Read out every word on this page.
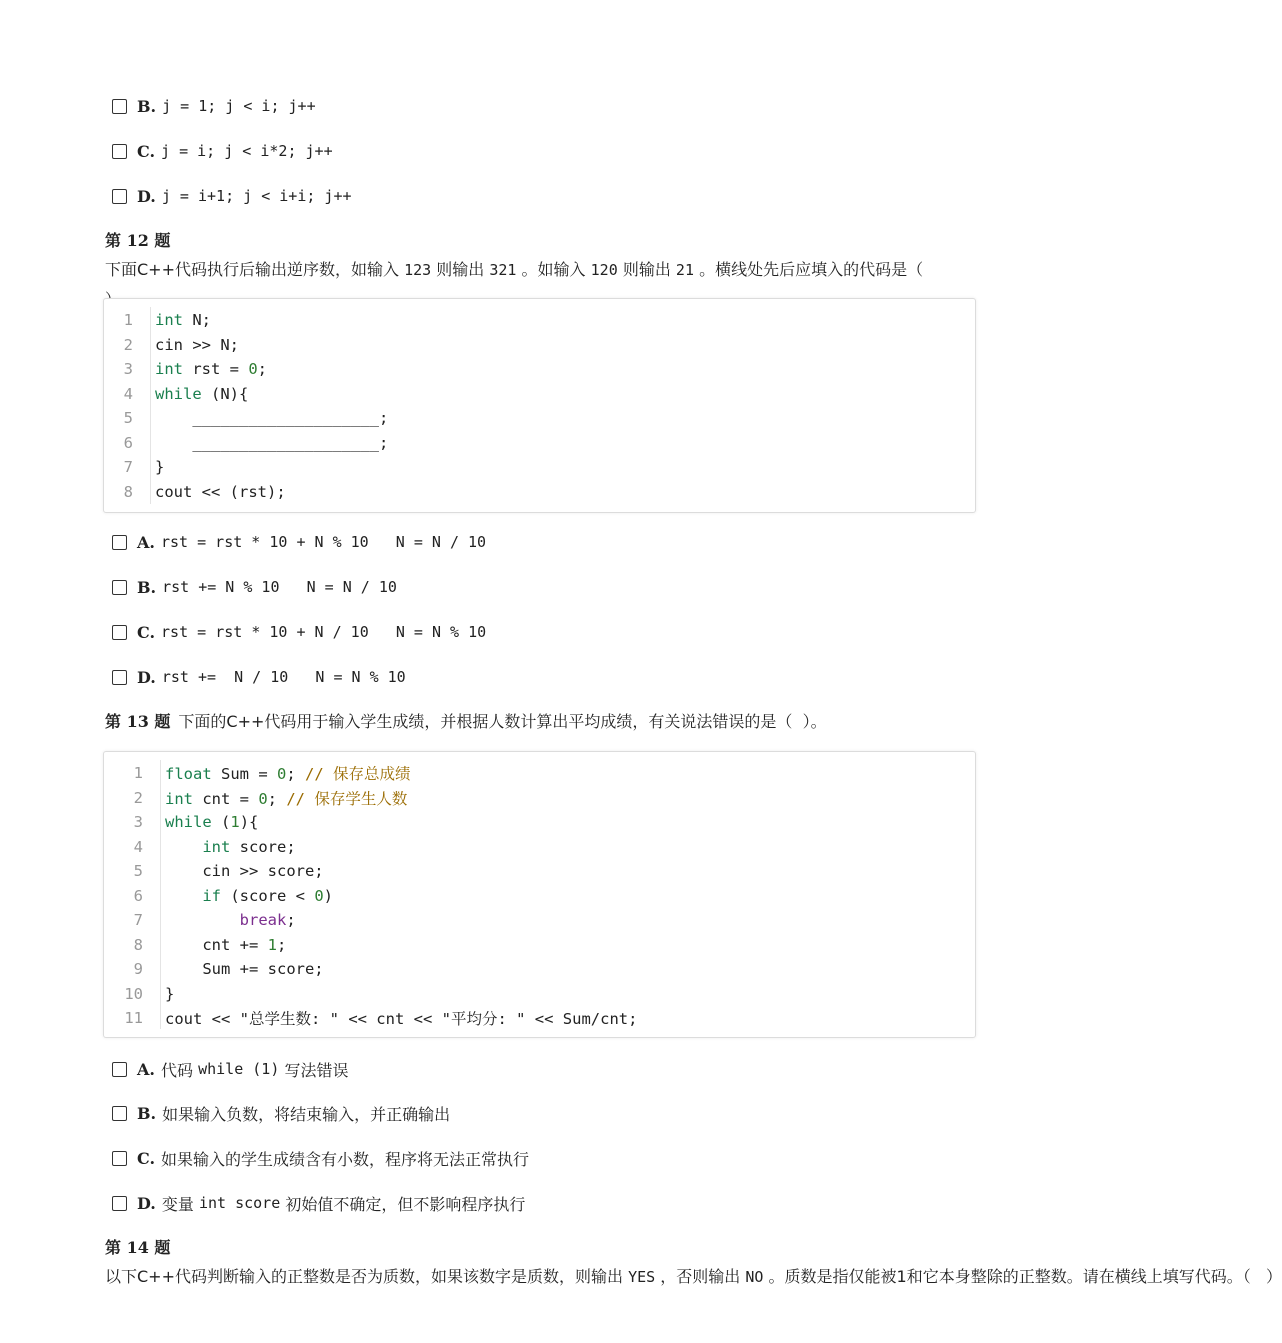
B. j = 1; j < i; j++
C. j = i; j < i*2; j++
D. j = i+1; j < i+i; j++
第 12 题下面C++代码执行后输出逆序数，如输入 123 则输出 321 。如输入 120 则输出 21 。横线处先后应填入的代码是（
1 int N;
2 cin >> N;
3 int rst = 0;
4 while (N){
5 ____________________;
6 ____________________;
7 }
8 cout << (rst);
A. rst = rst * 10 + N % 10   N = N / 10
B. rst += N % 10   N = N / 10
C. rst = rst * 10 + N / 10   N = N % 10
D. rst +=  N / 10   N = N % 10
第 13 题 下面的C++代码用于输入学生成绩，并根据人数计算出平均成绩，有关说法错误的是（  ）。
1 float Sum = 0; // 保存总成绩
2 int cnt = 0; // 保存学生人数
3 while (1){
4	int score;
5 cin >> score;
6	if (score < 0)
7	break;
8 cnt += 1;
9 Sum += score;
10 }
11 cout << "总学生数: " << cnt << "平均分: " << Sum/cnt;
A. 代码 while (1) 写法错误
B. 如果输入负数，将结束输入，并正确输出
C. 如果输入的学生成绩含有小数，程序将无法正常执行
D. 变量 int score 初始值不确定，但不影响程序执行
第 14 题以下C++代码判断输入的正整数是否为质数，如果该数字是质数，则输出 YES ，否则输出 NO 。质数是指仅能被1和它本身整除的正整数。请在横线上填写代码。（   ）
